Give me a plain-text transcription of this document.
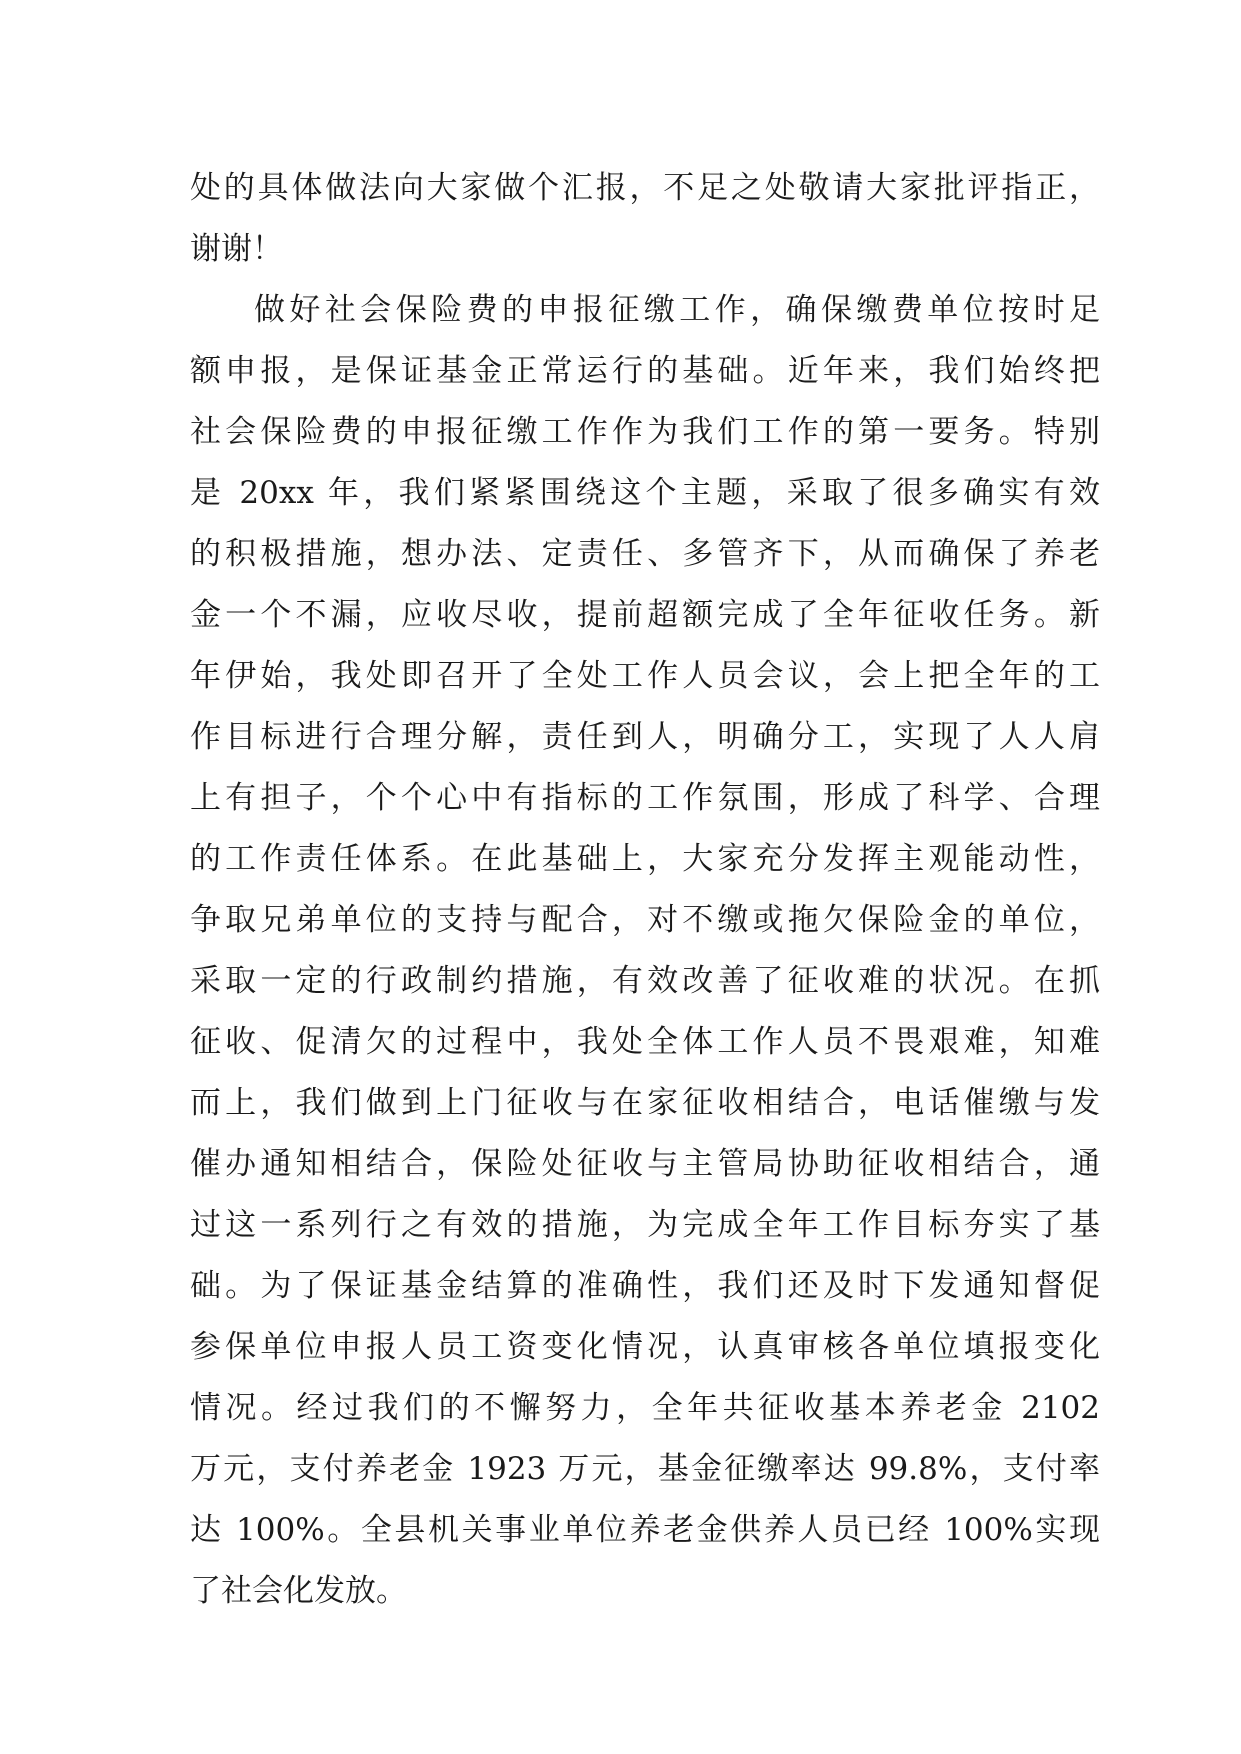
处的具体做法向大家做个汇报，不足之处敬请大家批评指正，
谢谢！
做好社会保险费的申报征缴工作，确保缴费单位按时足
额申报，是保证基金正常运行的基础。近年来，我们始终把
社会保险费的申报征缴工作作为我们工作的第一要务。特别
是 20xx 年，我们紧紧围绕这个主题，采取了很多确实有效
的积极措施，想办法、定责任、多管齐下，从而确保了养老
金一个不漏，应收尽收，提前超额完成了全年征收任务。新
年伊始，我处即召开了全处工作人员会议，会上把全年的工
作目标进行合理分解，责任到人，明确分工，实现了人人肩
上有担子，个个心中有指标的工作氛围，形成了科学、合理
的工作责任体系。在此基础上，大家充分发挥主观能动性，
争取兄弟单位的支持与配合，对不缴或拖欠保险金的单位，
采取一定的行政制约措施，有效改善了征收难的状况。在抓
征收、促清欠的过程中，我处全体工作人员不畏艰难，知难
而上，我们做到上门征收与在家征收相结合，电话催缴与发
催办通知相结合，保险处征收与主管局协助征收相结合，通
过这一系列行之有效的措施，为完成全年工作目标夯实了基
础。为了保证基金结算的准确性，我们还及时下发通知督促
参保单位申报人员工资变化情况，认真审核各单位填报变化
情况。经过我们的不懈努力，全年共征收基本养老金 2102
万元，支付养老金 1923 万元，基金征缴率达 99.8%，支付率
达 100%。全县机关事业单位养老金供养人员已经 100%实现
了社会化发放。
